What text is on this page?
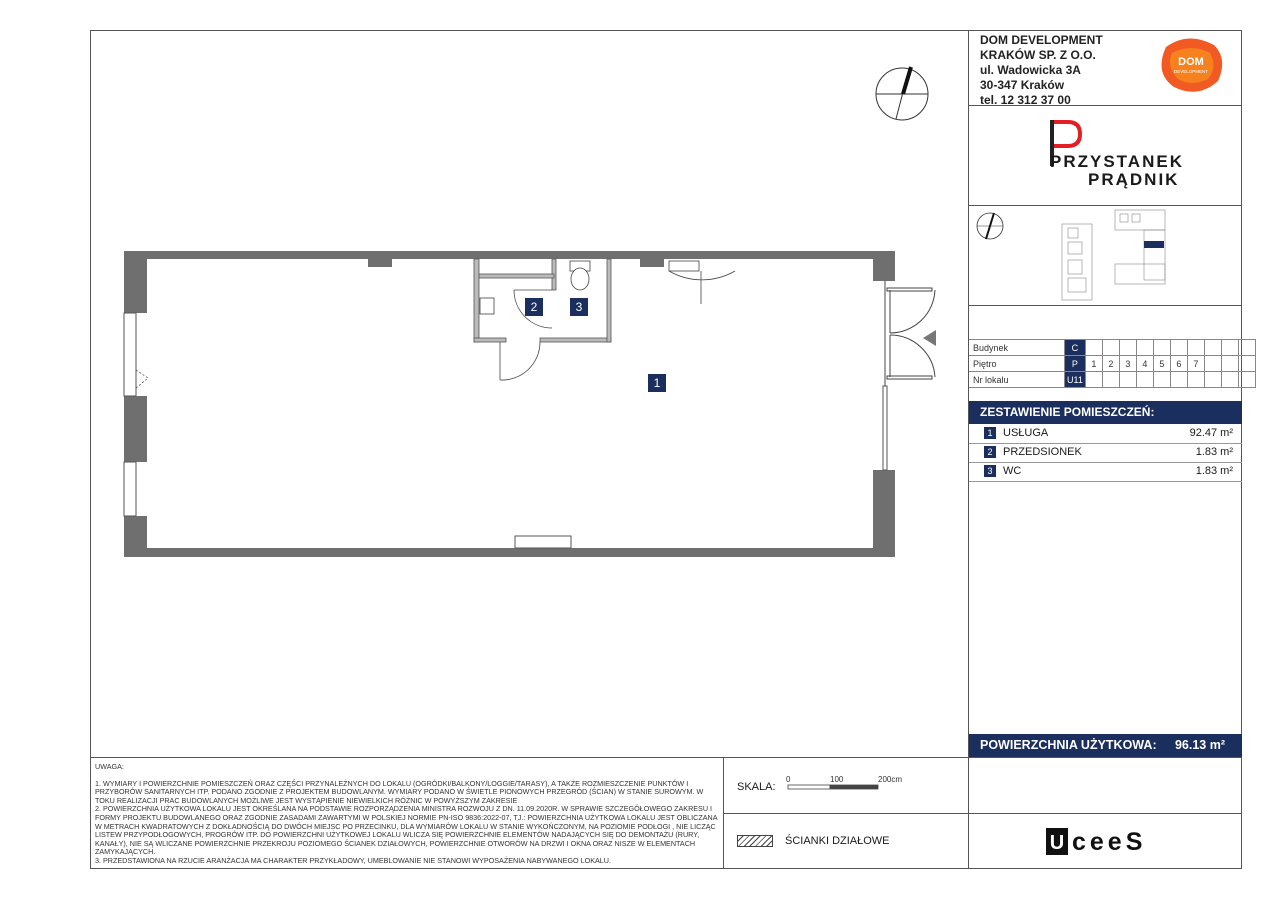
2	3
1
DOM DEVELOPMENT
KRAKÓW SP. Z O.O.
ul. Wadowicka 3A
30-347 Kraków
tel. 12 312 37 00
DOM
DEVELOPMENT
PRZYSTANEK
PRĄDNIK
Budynek	C										
Piętro	P	1	2	3	4	5	6	7			
Nr lokalu	U11										
ZESTAWIENIE POMIESZCZEŃ:
1 USŁUGA	92.47 m²
2 PRZEDSIONEK	1.83 m²
3 WC	1.83 m²
POWIERZCHNIA UŻYTKOWA: 96.13 m²

UWAGA:

1. WYMIARY I POWIERZCHNIE POMIESZCZEŃ ORAZ CZĘŚCI PRZYNALEŻNYCH DO LOKALU (OGRÓDKI/BALKONY/LOGGIE/TARASY), A TAKŻE ROZMIESZCZENIE PUNKTÓW I PRZYBORÓW SANITARNYCH ITP. PODANO ZGODNIE Z PROJEKTEM BUDOWLANYM. WYMIARY PODANO W ŚWIETLE PIONOWYCH PRZEGRÓD (ŚCIAN) W STANIE SUROWYM. W TOKU REALIZACJI PRAC BUDOWLANYCH MOŻLIWE JEST WYSTĄPIENIE NIEWIELKICH RÓŻNIC W POWYŻSZYM ZAKRESIE

2. POWIERZCHNIA UŻYTKOWA LOKALU JEST OKREŚLANA NA PODSTAWIE ROZPORZĄDZENIA MINISTRA ROZWOJU Z DN. 11.09.2020R. W SPRAWIE SZCZEGÓŁOWEGO ZAKRESU I FORMY PROJEKTU BUDOWLANEGO ORAZ ZGODNIE ZASADAMI ZAWARTYMI W POLSKIEJ NORMIE PN-ISO 9836:2022-07, TJ.: POWIERZCHNIA UŻYTKOWA LOKALU JEST OBLICZANA W METRACH KWADRATOWYCH Z DOKŁADNOŚCIĄ DO DWÓCH MIEJSC PO PRZECINKU, DLA WYMIARÓW LOKALU W STANIE WYKOŃCZONYM, NA POZIOMIE PODŁOGI , NIE LICZĄC LISTEW PRZYPODŁOGOWYCH, PROGRÓW ITP. DO POWIERZCHNI UŻYTKOWEJ LOKALU WLICZA SIĘ POWIERZCHNIE ELEMENTÓW NADAJĄCYCH SIĘ DO DEMONTAŻU (RURY, KANAŁY), NIE SĄ WLICZANE POWIERZCHNIE PRZEKROJU POZIOMEGO ŚCIANEK DZIAŁOWYCH, POWIERZCHNIE OTWORÓW NA DRZWI I OKNA ORAZ NISZE W ELEMENTACH ZAMYKAJĄCYCH.

3. PRZEDSTAWIONA NA RZUCIE ARANŻACJA MA CHARAKTER PRZYKŁADOWY, UMEBLOWANIE NIE STANOWI WYPOSAŻENIA NABYWANEGO LOKALU.

SKALA:
0	100	200cm
ŚCIANKI DZIAŁOWE	U ceeS
